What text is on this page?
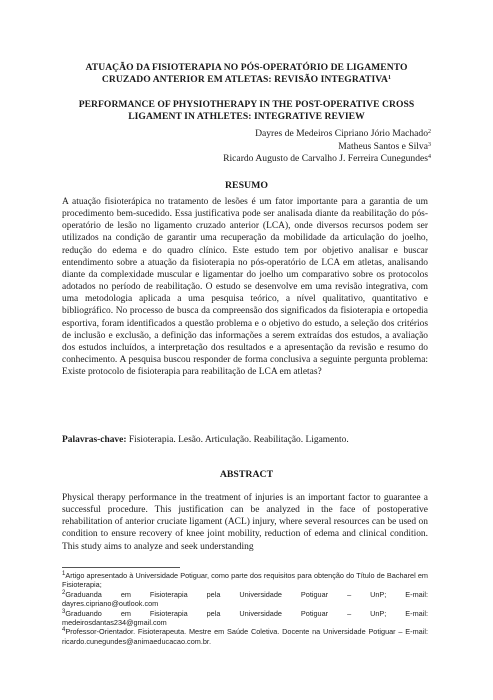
ATUAÇÃO DA FISIOTERAPIA NO PÓS-OPERATÓRIO DE LIGAMENTO
CRUZADO ANTERIOR EM ATLETAS: REVISÃO INTEGRATIVA$^1$
PERFORMANCE OF PHYSIOTHERAPY IN THE POST-OPERATIVE CROSS
LIGAMENT IN ATHLETES: INTEGRATIVE REVIEW
Dayres de Medeiros Cipriano Jório Machado$^2$
Matheus Santos e Silva$^3$
Ricardo Augusto de Carvalho J. Ferreira Cunegundes$^4$
RESUMO

A atuação fisioterápica no tratamento de lesões é um fator importante para a garantia de um procedimento bem-sucedido. Essa justificativa pode ser analisada diante da reabilitação do pós-operatório de lesão no ligamento cruzado anterior (LCA), onde diversos recursos podem ser utilizados na condição de garantir uma recuperação da mobilidade da articulação do joelho, redução do edema e do quadro clínico. Este estudo tem por objetivo analisar e buscar entendimento sobre a atuação da fisioterapia no pós-operatório de LCA em atletas, analisando diante da complexidade muscular e ligamentar do joelho um comparativo sobre os protocolos adotados no período de reabilitação. O estudo se desenvolve em uma revisão integrativa, com uma metodologia aplicada a uma pesquisa teórico, a nível qualitativo, quantitativo e bibliográfico. No processo de busca da compreensão dos significados da fisioterapia e ortopedia esportiva, foram identificados a questão problema e o objetivo do estudo, a seleção dos critérios de inclusão e exclusão, a definição das informações a serem extraídas dos estudos, a avaliação dos estudos incluídos, a interpretação dos resultados e a apresentação da revisão e resumo do conhecimento. A pesquisa buscou responder de forma conclusiva a seguinte pergunta problema: Existe protocolo de fisioterapia para reabilitação de LCA em atletas?

Palavras-chave: Fisioterapia. Lesão. Articulação. Reabilitação. Ligamento.

ABSTRACT

Physical therapy performance in the treatment of injuries is an important factor to guarantee a successful procedure. This justification can be analyzed in the face of postoperative rehabilitation of anterior cruciate ligament (ACL) injury, where several resources can be used on condition to ensure recovery of knee joint mobility, reduction of edema and clinical condition. This study aims to analyze and seek understanding

$^1$Artigo apresentado à Universidade Potiguar, como parte dos requisitos para obtenção do Título de Bacharel em Fisioterapia;

$^2$Graduanda em Fisioterapia pela Universidade Potiguar – UnP; E-mail:

dayres.cipriano@outlook.com

$^3$Graduando em Fisioterapia pela Universidade Potiguar – UnP; E-mail:

medeirosdantas234@gmail.com

$^4$Professor-Orientador. Fisioterapeuta. Mestre em Saúde Coletiva. Docente na Universidade Potiguar – E-mail: ricardo.cunegundes@animaeducacao.com.br.
